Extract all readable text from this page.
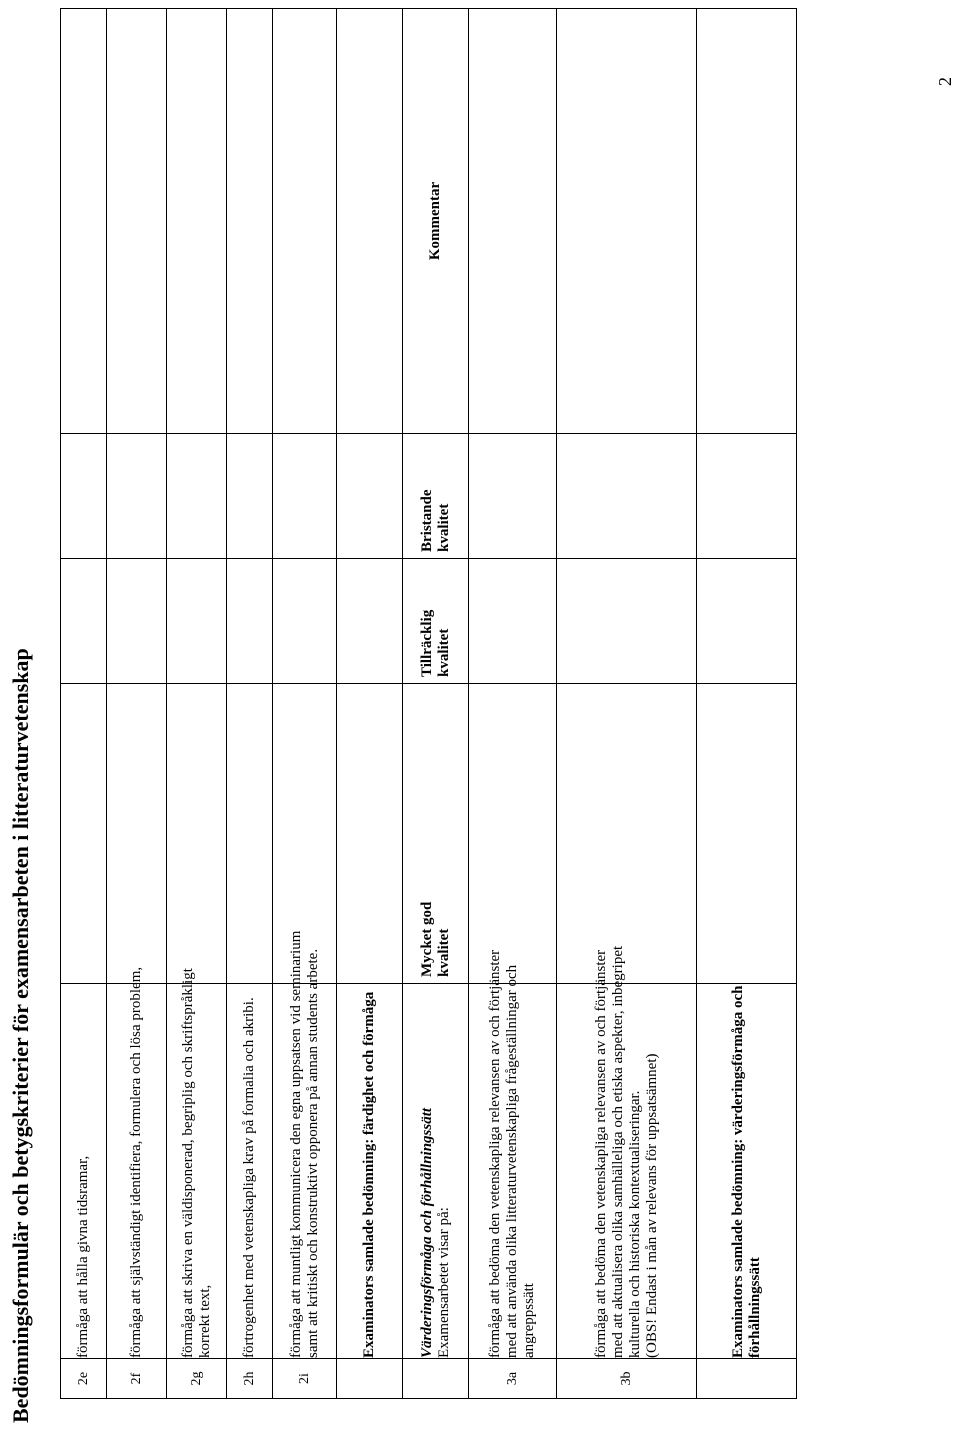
Bedömningsformulär och betygskriterier för examensarbeten i litteraturvetenskap	2e	förmåga att hålla givna tidsramar,				

2f	förmåga att självständigt identifiera, formulera och lösa problem,				

2g	förmåga att skriva en väldisponerad, begriplig och skriftspråkligt korrekt text,				

2h	förtrogenhet med vetenskapliga krav på formalia och akribi.				

2i	förmåga att muntligt kommunicera den egna uppsatsen vid seminarium samt att kritiskt och konstruktivt opponera på annan students arbete.				

	Examinators samlade bedömning: färdighet och förmåga				

	Värderingsförmåga och förhållningssätt Examensarbetet visar på:	Mycket god kvalitet	Tillräcklig kvalitet	Bristande kvalitet	Kommentar
3a	förmåga att bedöma den vetenskapliga relevansen av och förtjänster med att använda olika litteraturvetenskapliga frågeställningar och angreppssätt				

3b	förmåga att bedöma den vetenskapliga relevansen av och förtjänster med att aktualisera olika samhälleliga och etiska aspekter, inbegripet kulturella och historiska kontextualiseringar. (OBS! Endast i mån av relevans för uppsatsämnet)				

	Examinators samlade bedömning: värderingsförmåga och förhållningssätt				

2
